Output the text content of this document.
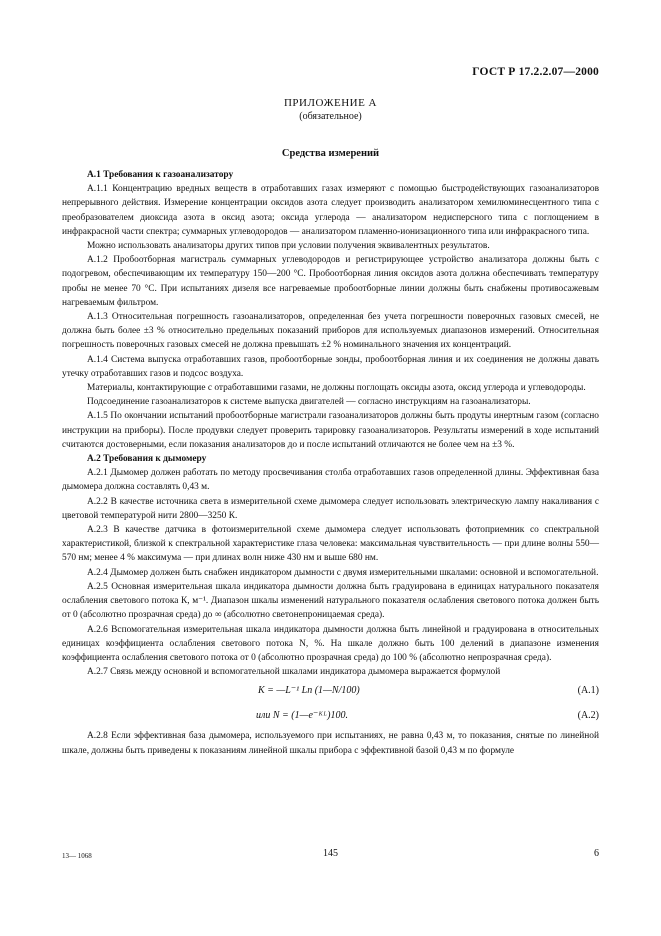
ГОСТ Р 17.2.2.07—2000
ПРИЛОЖЕНИЕ А
(обязательное)
Средства измерений
А.1 Требования к газоанализатору

А.1.1 Концентрацию вредных веществ в отработавших газах измеряют с помощью быстродействующих газоанализаторов непрерывного действия. Измерение концентрации оксидов азота следует производить анализатором хемилюминесцентного типа с преобразователем диоксида азота в оксид азота; оксида углерода — анализатором недисперсного типа с поглощением в инфракрасной части спектра; суммарных углеводородов — анализатором пламенно-ионизационного типа или инфракрасного типа.

Можно использовать анализаторы других типов при условии получения эквивалентных результатов.

А.1.2 Пробоотборная магистраль суммарных углеводородов и регистрирующее устройство анализатора должны быть с подогревом, обеспечивающим их температуру 150—200 °С. Пробоотборная линия оксидов азота должна обеспечивать температуру пробы не менее 70 °С. При испытаниях дизеля все нагреваемые пробоотборные линии должны быть снабжены противосажевым нагреваемым фильтром.

А.1.3 Относительная погрешность газоанализаторов, определенная без учета погрешности поверочных газовых смесей, не должна быть более ±3 % относительно предельных показаний приборов для используемых диапазонов измерений. Относительная погрешность поверочных газовых смесей не должна превышать ±2 % номинального значения их концентраций.

А.1.4 Система выпуска отработавших газов, пробоотборные зонды, пробоотборная линия и их соединения не должны давать утечку отработавших газов и подсос воздуха.

Материалы, контактирующие с отработавшими газами, не должны поглощать оксиды азота, оксид углерода и углеводороды.

Подсоединение газоанализаторов к системе выпуска двигателей — согласно инструкциям на газоанализаторы.

А.1.5 По окончании испытаний пробоотборные магистрали газоанализаторов должны быть продуты инертным газом (согласно инструкции на приборы). После продувки следует проверить тарировку газоанализаторов. Результаты измерений в ходе испытаний считаются достоверными, если показания анализаторов до и после испытаний отличаются не более чем на ±3 %.

А.2 Требования к дымомеру

А.2.1 Дымомер должен работать по методу просвечивания столба отработавших газов определенной длины. Эффективная база дымомера должна составлять 0,43 м.

А.2.2 В качестве источника света в измерительной схеме дымомера следует использовать электрическую лампу накаливания с цветовой температурой нити 2800—3250 К.

А.2.3 В качестве датчика в фотоизмерительной схеме дымомера следует использовать фотоприемник со спектральной характеристикой, близкой к спектральной характеристике глаза человека: максимальная чувствительность — при длине волны 550—570 нм; менее 4 % максимума — при длинах волн ниже 430 нм и выше 680 нм.

А.2.4 Дымомер должен быть снабжен индикатором дымности с двумя измерительными шкалами: основной и вспомогательной.

А.2.5 Основная измерительная шкала индикатора дымности должна быть градуирована в единицах натурального показателя ослабления светового потока К, м⁻¹. Диапазон шкалы изменений натурального показателя ослабления светового потока должен быть от 0 (абсолютно прозрачная среда) до ∞ (абсолютно светонепроницаемая среда).

А.2.6 Вспомогательная измерительная шкала индикатора дымности должна быть линейной и градуирована в относительных единицах коэффициента ослабления светового потока N, %. На шкале должно быть 100 делений в диапазоне изменения коэффициента ослабления светового потока от 0 (абсолютно прозрачная среда) до 100 % (абсолютно непрозрачная среда).

А.2.7 Связь между основной и вспомогательной шкалами индикатора дымомера выражается формулой

K = —L⁻¹ Ln (1—N/100)	(А.1)
или N = (1—e⁻ᴷᴸ)100.	(А.2)

А.2.8 Если эффективная база дымомера, используемого при испытаниях, не равна 0,43 м, то показания, снятые по линейной шкале, должны быть приведены к показаниям линейной шкалы прибора с эффективной базой 0,43 м по формуле

13— 1068	145	6
